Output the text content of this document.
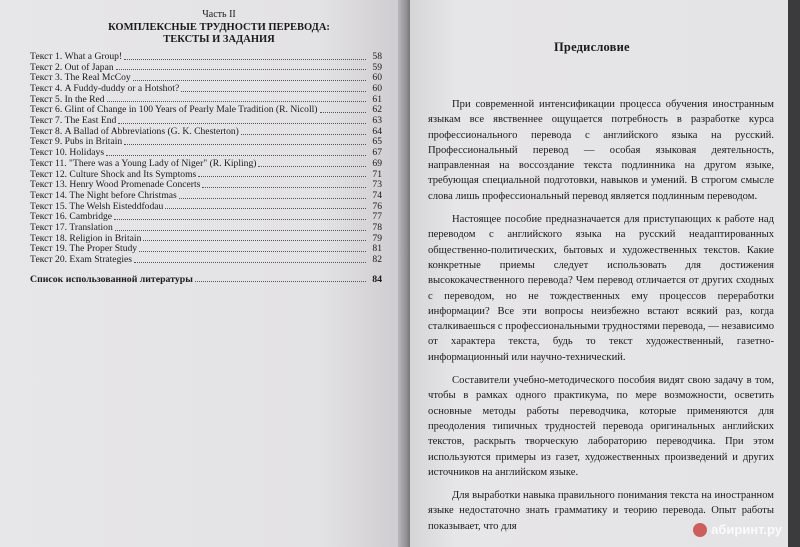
Часть II
КОМПЛЕКСНЫЕ ТРУДНОСТИ ПЕРЕВОДА:
ТЕКСТЫ И ЗАДАНИЯ
Текст 1. What a Group!	58
Текст 2. Out of Japan	59
Текст 3. The Real McCoy	60
Текст 4. A Fuddy-duddy or a Hotshot?	60
Текст 5. In the Red	61
Текст 6. Glint of Change in 100 Years of Pearly Male Tradition (R. Nicoll)	62
Текст 7. The East End	63
Текст 8. A Ballad of Abbreviations (G. K. Chesterton)	64
Текст 9. Pubs in Britain	65
Текст 10. Holidays	67
Текст 11. "There was a Young Lady of Niger" (R. Kipling)	69
Текст 12. Culture Shock and Its Symptoms	71
Текст 13. Henry Wood Promenade Concerts	73
Текст 14. The Night before Christmas	74
Текст 15. The Welsh Eisteddfodau	76
Текст 16. Cambridge	77
Текст 17. Translation	78
Текст 18. Religion in Britain	79
Текст 19. The Proper Study	81
Текст 20. Exam Strategies	82
Список использованной литературы	84
Предисловие

При современной интенсификации процесса обучения иностранным языкам все явственнее ощущается потребность в разработке курса профессионального перевода с английского языка на русский. Профессиональный перевод — особая языковая деятельность, направленная на воссоздание текста подлинника на другом языке, требующая специальной подготовки, навыков и умений. В строгом смысле слова лишь профессиональный перевод является подлинным переводом.

Настоящее пособие предназначается для приступающих к работе над переводом с английского языка на русский неадаптированных общественно-политических, бытовых и художественных текстов. Какие конкретные приемы следует использовать для достижения высококачественного перевода? Чем перевод отличается от других сходных с переводом, но не тождественных ему процессов переработки информации? Все эти вопросы неизбежно встают всякий раз, когда сталкиваешься с профессиональными трудностями перевода, — независимо от характера текста, будь то текст художественный, газетно-информационный или научно-технический.

Составители учебно-методического пособия видят свою задачу в том, чтобы в рамках одного практикума, по мере возможности, осветить основные методы работы переводчика, которые применяются для преодоления типичных трудностей перевода оригинальных английских текстов, раскрыть творческую лабораторию переводчика. При этом используются примеры из газет, художественных произведений и других источников на английском языке.

Для выработки навыка правильного понимания текста на иностранном языке недостаточно знать грамматику и теорию перевода. Опыт работы показывает, что для	абиринт.ру
